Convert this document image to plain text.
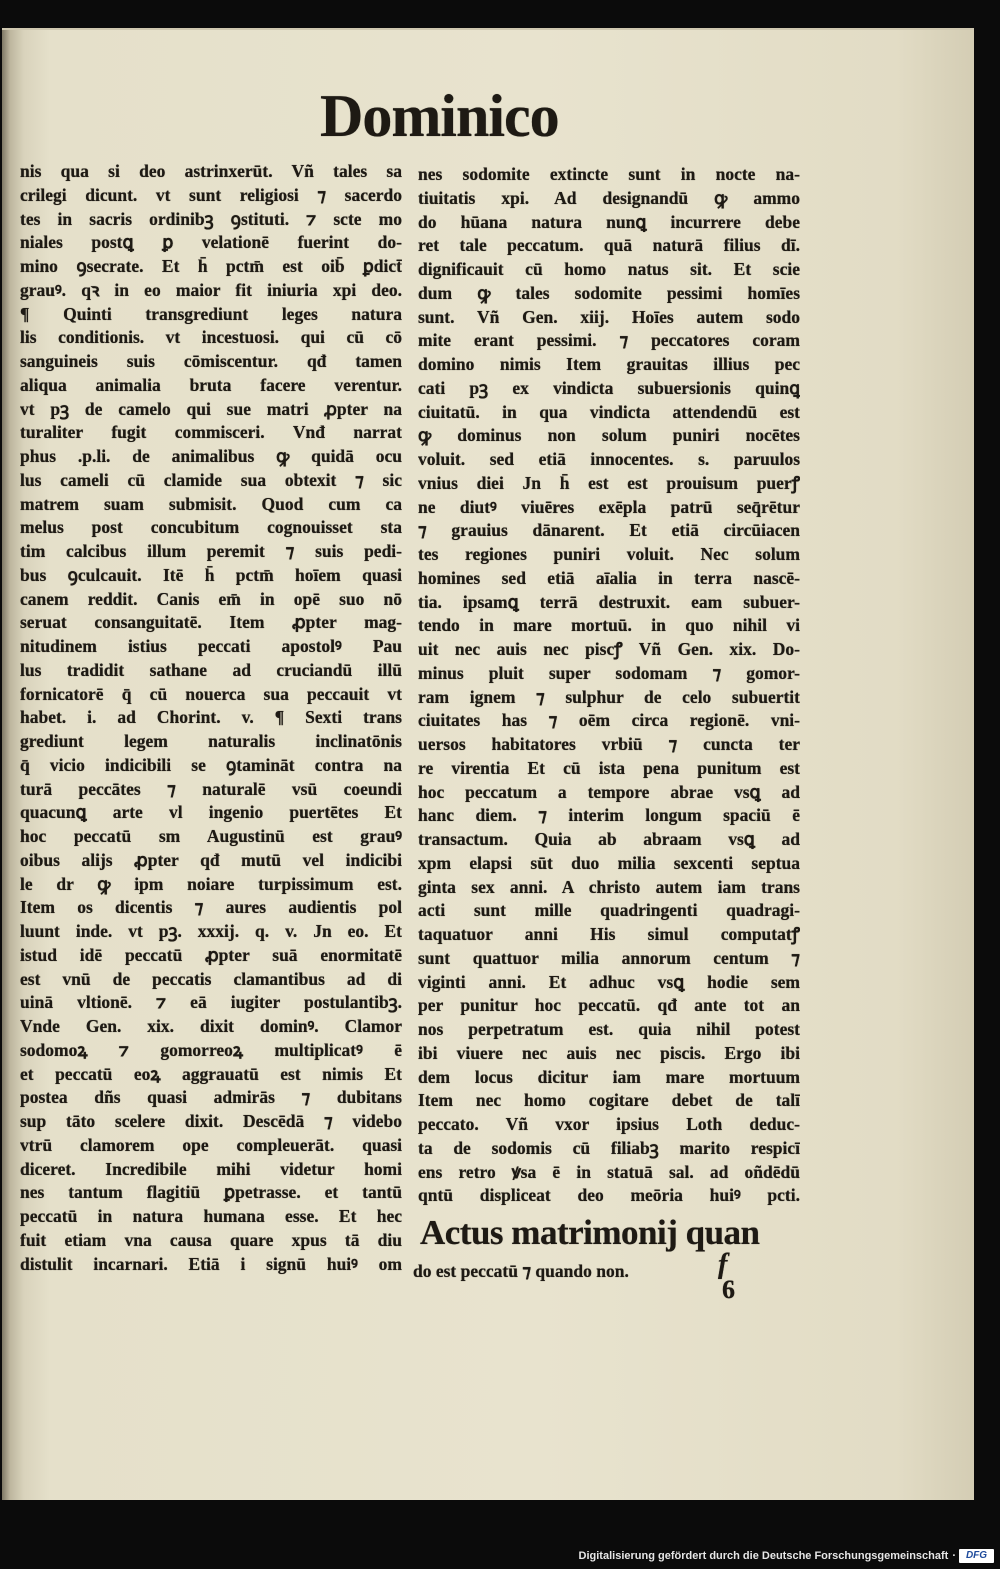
Dominico
nis qua si deo astrinxerūt. Vñ tales sa
crilegi dicunt. vt sunt religiosi ⁊ sacerdo
tes in sacris ordinibꝫ ꝯstituti. ⁊ scte mo
niales postꝗ ꝑ velationē fuerint do-
mino ꝯsecrate. Et h̄ pctm̄ est oib̄ ꝑdict̄
grauꝰ. qꝛ in eo maior fit iniuria xpi deo.
¶ Quinti transgrediunt leges natura
lis conditionis. vt incestuosi. qui cū cō
sanguineis suis cōmiscentur. qđ tamen
aliqua animalia bruta facere verentur.
vt pꝫ de camelo qui sue matri ꝓpter na
turaliter fugit commisceri. Vnđ narrat
phus .p.li. de animalibus ꝙ quidā ocu
lus cameli cū clamide sua obtexit ⁊ sic
matrem suam submisit. Quod cum ca
melus post concubitum cognouisset sta
tim calcibus illum peremit ⁊ suis pedi-
bus ꝯculcauit. Itē h̄ pctm̄ hoīem quasi
canem reddit. Canis em̄ in opē suo nō
seruat consanguitatē. Item ꝓpter mag-
nitudinem istius peccati apostolꝰ Pau
lus tradidit sathane ad cruciandū illū
fornicatorē q̄ cū nouerca sua peccauit vt
habet. i. ad Chorint. v. ¶ Sexti trans
grediunt legem naturalis inclinatōnis
q̄ vicio indicibili se ꝯtamināt contra na
turā peccātes ⁊ naturalē vsū coeundi
quacunꝗ arte vl ingenio puertētes Et
hoc peccatū sm Augustinū est grauꝰ
oibus alijs ꝓpter qđ mutū vel indicibi
le dr ꝙ ipm noiare turpissimum est.
Item os dicentis ⁊ aures audientis pol
luunt inde. vt pꝫ. xxxij. q. v. Jn eo. Et
istud idē peccatū ꝓpter suā enormitatē
est vnū de peccatis clamantibus ad di
uinā vltionē. ⁊ eā iugiter postulantibꝫ.
Vnde Gen. xix. dixit dominꝰ. Clamor
sodomoꝝ ⁊ gomorreoꝝ multiplicatꝰ ē
et peccatū eoꝝ aggrauatū est nimis Et
postea dñs quasi admirās ⁊ dubitans
sup tāto scelere dixit. Descēdā ⁊ videbo
vtrū clamorem ope compleuerāt. quasi
diceret. Incredibile mihi videtur homi
nes tantum flagitiū ꝑpetrasse. et tantū
peccatū in natura humana esse. Et hec
fuit etiam vna causa quare xpus tā diu
distulit incarnari. Etiā i signū huiꝰ om
nes sodomite extincte sunt in nocte na-
tiuitatis xpi. Ad designandū ꝙ ammo
do hūana natura nunꝗ incurrere debe
ret tale peccatum. quā naturā filius dī.
dignificauit cū homo natus sit. Et scie
dum ꝙ tales sodomite pessimi homīes
sunt. Vñ Gen. xiij. Hoīes autem sodo
mite erant pessimi. ⁊ peccatores coram
domino nimis Item grauitas illius pec
cati pꝫ ex vindicta subuersionis quinꝗ
ciuitatū. in qua vindicta attendendū est
ꝙ dominus non solum puniri nocētes
voluit. sed etiā innocentes. s. paruulos
vnius diei Jn h̄ est est prouisum puerꝭ
ne diutꝰ viuēres exēpla patrū seq̄rētur
⁊ grauius dānarent. Et etiā circūiacen
tes regiones puniri voluit. Nec solum
homines sed etiā aīalia in terra nascē-
tia. ipsamꝗ terrā destruxit. eam subuer-
tendo in mare mortuū. in quo nihil vi
uit nec auis nec piscꝭ Vñ Gen. xix. Do-
minus pluit super sodomam ⁊ gomor-
ram ignem ⁊ sulphur de celo subuertit
ciuitates has ⁊ oēm circa regionē. vni-
uersos habitatores vrbiū ⁊ cuncta ter
re virentia Et cū ista pena punitum est
hoc peccatum a tempore abrae vsꝗ ad
hanc diem. ⁊ interim longum spaciū ē
transactum. Quia ab abraam vsꝗ ad
xpm elapsi sūt duo milia sexcenti septua
ginta sex anni. A christo autem iam trans
acti sunt mille quadringenti quadragi-
taquatuor anni His simul computatꝭ
sunt quattuor milia annorum centum ⁊
viginti anni. Et adhuc vsꝗ hodie sem
per punitur hoc peccatū. qđ ante tot an
nos perpetratum est. quia nihil potest
ibi viuere nec auis nec piscis. Ergo ibi
dem locus dicitur iam mare mortuum
Item nec homo cogitare debet de talī
peccato. Vñ vxor ipsius Loth deduc-
ta de sodomis cū filiabꝫ marito respicī
ens retro ꝟsa ē in statuā sal. ad oñdēdū
qntū displiceat deo meōria huiꝰ pcti.
Actus matrimonij quan
do est peccatū ⁊ quando non.	f
6
Digitalisierung gefördert durch die Deutsche Forschungsgemeinschaft · DFG
